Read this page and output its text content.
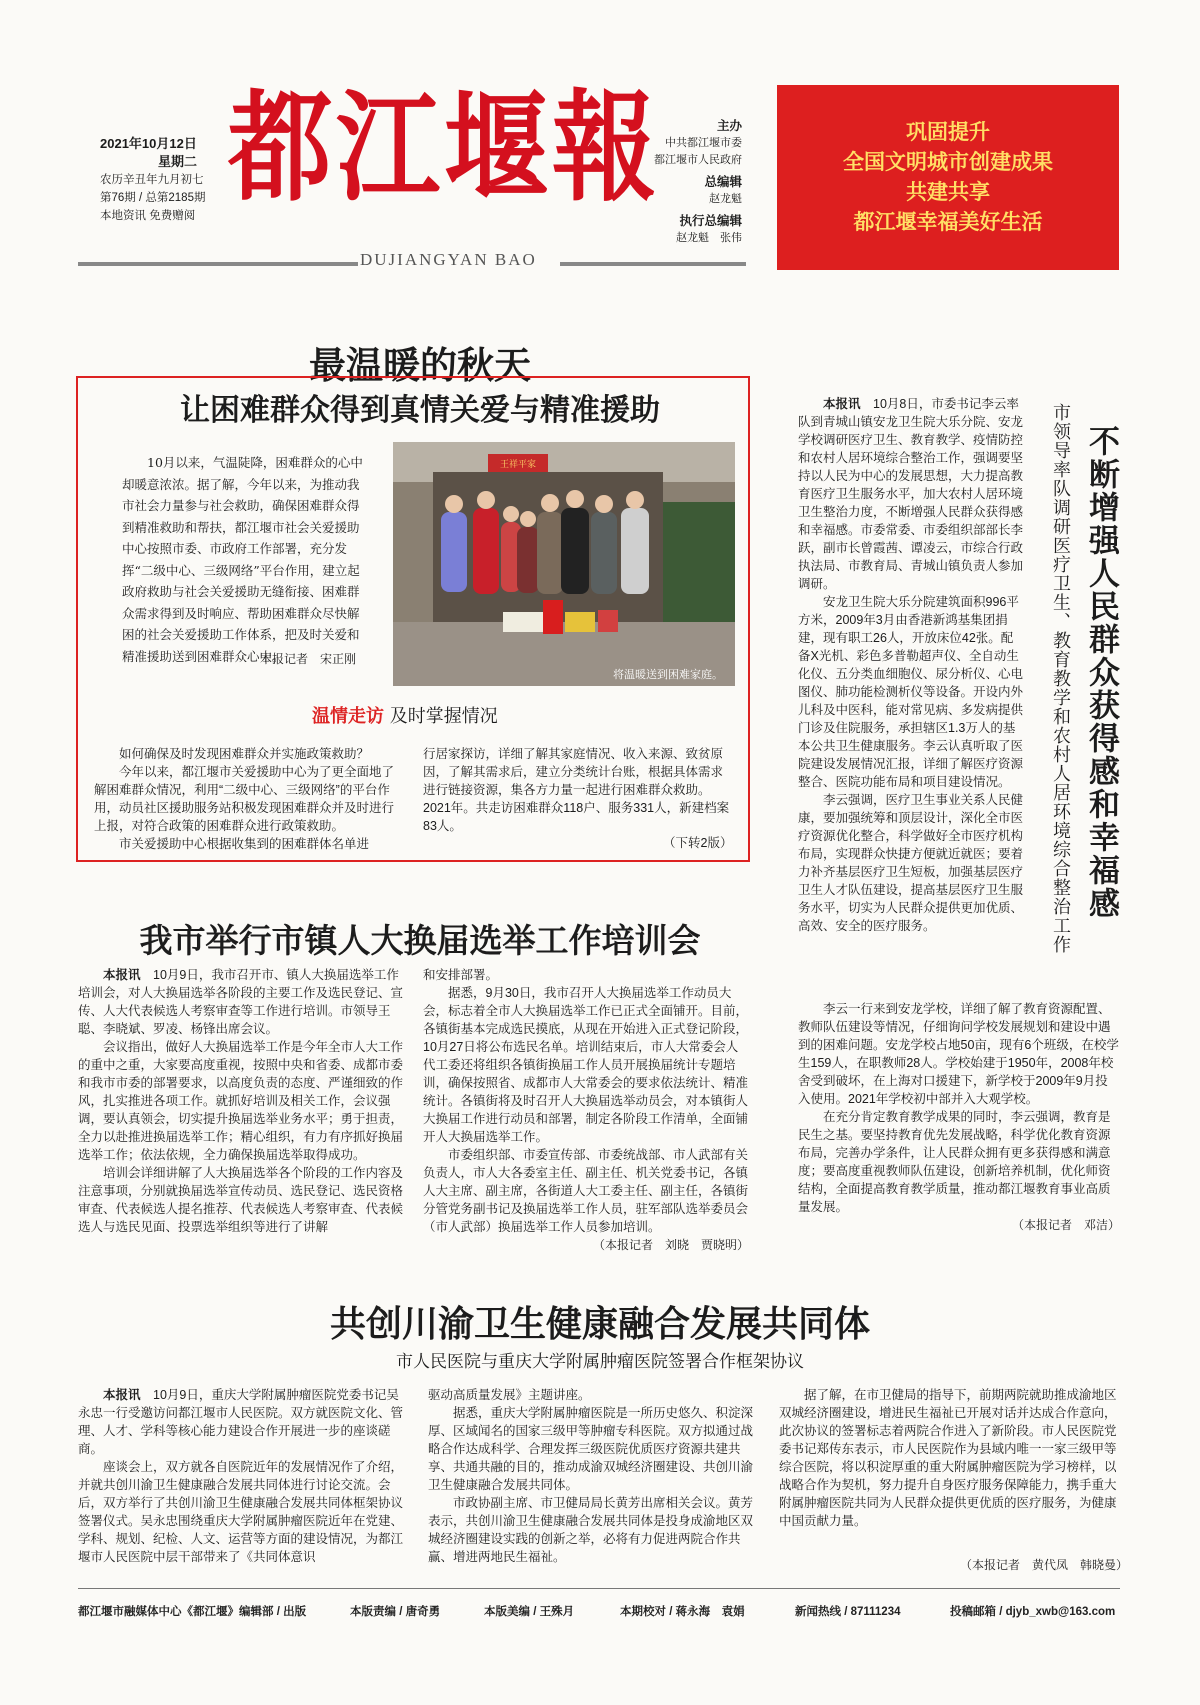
2021年10月12日
星期二
农历辛丑年九月初七
第76期 / 总第2185期
本地资讯 免费赠阅 都江堰報
DUJIANGYAN BAO
主办
中共都江堰市委
都江堰市人民政府
总编辑
赵龙魁
执行总编辑
赵龙魁　张伟
巩固提升
全国文明城市创建成果
共建共享
都江堰幸福美好生活
最温暖的秋天
让困难群众得到真情关爱与精准援助

10月以来，气温陡降，困难群众的心中却暖意浓浓。据了解，今年以来，为推动我市社会力量参与社会救助，确保困难群众得到精准救助和帮扶，都江堰市社会关爱援助中心按照市委、市政府工作部署，充分发挥“二级中心、三级网络”平台作用，建立起政府救助与社会关爱援助无缝衔接、困难群众需求得到及时响应、帮助困难群众尽快解困的社会关爱援助工作体系，把及时关爱和精准援助送到困难群众心中。

本报记者　宋正刚
王祥平家
将温暖送到困难家庭。
温情走访 及时掌握情况

如何确保及时发现困难群众并实施政策救助？

今年以来，都江堰市关爱援助中心为了更全面地了解困难群众情况，利用“二级中心、三级网络”的平台作用，动员社区援助服务站积极发现困难群众并及时进行上报，对符合政策的困难群众进行政策救助。

市关爱援助中心根据收集到的困难群体名单进

行居家探访，详细了解其家庭情况、收入来源、致贫原因，了解其需求后，建立分类统计台账，根据具体需求进行链接资源，集各方力量一起进行困难群众救助。2021年。共走访困难群众118户、服务331人，新建档案83人。

（下转2版）	不断增强人民群众获得感和幸福感
市领导率队调研医疗卫生、教育教学和农村人居环境综合整治工作

本报讯　10月8日，市委书记李云率队到青城山镇安龙卫生院大乐分院、安龙学校调研医疗卫生、教育教学、疫情防控和农村人居环境综合整治工作，强调要坚持以人民为中心的发展思想，大力提高教育医疗卫生服务水平，加大农村人居环境卫生整治力度，不断增强人民群众获得感和幸福感。市委常委、市委组织部部长李跃，副市长曾霞茜、谭凌云，市综合行政执法局、市教育局、青城山镇负责人参加调研。

安龙卫生院大乐分院建筑面积996平方米，2009年3月由香港新鸿基集团捐建，现有职工26人，开放床位42张。配备X光机、彩色多普勒超声仪、全自动生化仪、五分类血细胞仪、尿分析仪、心电图仪、肺功能检测析仪等设备。开设内外儿科及中医科，能对常见病、多发病提供门诊及住院服务，承担辖区1.3万人的基本公共卫生健康服务。李云认真听取了医院建设发展情况汇报，详细了解医疗资源整合、医院功能布局和项目建设情况。

李云强调，医疗卫生事业关系人民健康，要加强统筹和顶层设计，深化全市医疗资源优化整合，科学做好全市医疗机构布局，实现群众快捷方便就近就医；要着力补齐基层医疗卫生短板，加强基层医疗卫生人才队伍建设，提高基层医疗卫生服务水平，切实为人民群众提供更加优质、高效、安全的医疗服务。

李云一行来到安龙学校，详细了解了教育资源配置、教师队伍建设等情况，仔细询问学校发展规划和建设中遇到的困难问题。安龙学校占地50亩，现有6个班级，在校学生159人，在职教师28人。学校始建于1950年，2008年校舍受到破坏，在上海对口援建下，新学校于2009年9月投入使用。2021年学校初中部并入大观学校。

在充分肯定教育教学成果的同时，李云强调，教育是民生之基。要坚持教育优先发展战略，科学优化教育资源布局，完善办学条件，让人民群众拥有更多获得感和满意度；要高度重视教师队伍建设，创新培养机制，优化师资结构，全面提高教育教学质量，推动都江堰教育事业高质量发展。

（本报记者　邓洁）
我市举行市镇人大换届选举工作培训会

本报讯　10月9日，我市召开市、镇人大换届选举工作培训会，对人大换届选举各阶段的主要工作及选民登记、宣传、人大代表候选人考察审查等工作进行培训。市领导王聪、李晓斌、罗凌、杨锋出席会议。

会议指出，做好人大换届选举工作是今年全市人大工作的重中之重，大家要高度重视，按照中央和省委、成都市委和我市市委的部署要求，以高度负责的态度、严谨细致的作风，扎实推进各项工作。就抓好培训及相关工作，会议强调，要认真领会，切实提升换届选举业务水平；勇于担责，全力以赴推进换届选举工作；精心组织，有力有序抓好换届选举工作；依法依规，全力确保换届选举取得成功。

培训会详细讲解了人大换届选举各个阶段的工作内容及注意事项，分别就换届选举宣传动员、选民登记、选民资格审查、代表候选人提名推荐、代表候选人考察审查、代表候选人与选民见面、投票选举组织等进行了讲解

和安排部署。

据悉，9月30日，我市召开人大换届选举工作动员大会，标志着全市人大换届选举工作已正式全面铺开。目前，各镇街基本完成选民摸底，从现在开始进入正式登记阶段，10月27日将公布选民名单。培训结束后，市人大常委会人代工委还将组织各镇街换届工作人员开展换届统计专题培训，确保按照省、成都市人大常委会的要求依法统计、精准统计。各镇街将及时召开人大换届选举动员会，对本镇街人大换届工作进行动员和部署，制定各阶段工作清单，全面铺开人大换届选举工作。

市委组织部、市委宣传部、市委统战部、市人武部有关负责人，市人大各委室主任、副主任、机关党委书记，各镇人大主席、副主席，各街道人大工委主任、副主任，各镇街分管党务副书记及换届选举工作人员，驻军部队选举委员会（市人武部）换届选举工作人员参加培训。

（本报记者　刘晓　贾晓明）
共创川渝卫生健康融合发展共同体
市人民医院与重庆大学附属肿瘤医院签署合作框架协议

本报讯　10月9日，重庆大学附属肿瘤医院党委书记吴永忠一行受邀访问都江堰市人民医院。双方就医院文化、管理、人才、学科等核心能力建设合作开展进一步的座谈磋商。

座谈会上，双方就各自医院近年的发展情况作了介绍，并就共创川渝卫生健康融合发展共同体进行讨论交流。会后，双方举行了共创川渝卫生健康融合发展共同体框架协议签署仪式。吴永忠围绕重庆大学附属肿瘤医院近年在党建、学科、规划、纪检、人文、运营等方面的建设情况，为都江堰市人民医院中层干部带来了《共同体意识

驱动高质量发展》主题讲座。

据悉，重庆大学附属肿瘤医院是一所历史悠久、积淀深厚、区域闻名的国家三级甲等肿瘤专科医院。双方拟通过战略合作达成科学、合理发挥三级医院优质医疗资源共建共享、共通共融的目的，推动成渝双城经济圈建设、共创川渝卫生健康融合发展共同体。

市政协副主席、市卫健局局长黄芳出席相关会议。黄芳表示，共创川渝卫生健康融合发展共同体是投身成渝地区双城经济圈建设实践的创新之举，必将有力促进两院合作共赢、增进两地民生福祉。

据了解，在市卫健局的指导下，前期两院就助推成渝地区双城经济圈建设，增进民生福祉已开展对话并达成合作意向，此次协议的签署标志着两院合作进入了新阶段。市人民医院党委书记郑传东表示，市人民医院作为县域内唯一一家三级甲等综合医院，将以积淀厚重的重大附属肿瘤医院为学习榜样，以战略合作为契机，努力提升自身医疗服务保障能力，携手重大附属肿瘤医院共同为人民群众提供更优质的医疗服务，为健康中国贡献力量。

（本报记者　黄代凤　韩晓曼）
都江堰市融媒体中心《都江堰》编辑部 / 出版	本版责编 / 唐奇勇	本版美编 / 王殊月	本期校对 / 蒋永海　袁娟	新闻热线 / 87111234	投稿邮箱 / djyb_xwb@163.com
